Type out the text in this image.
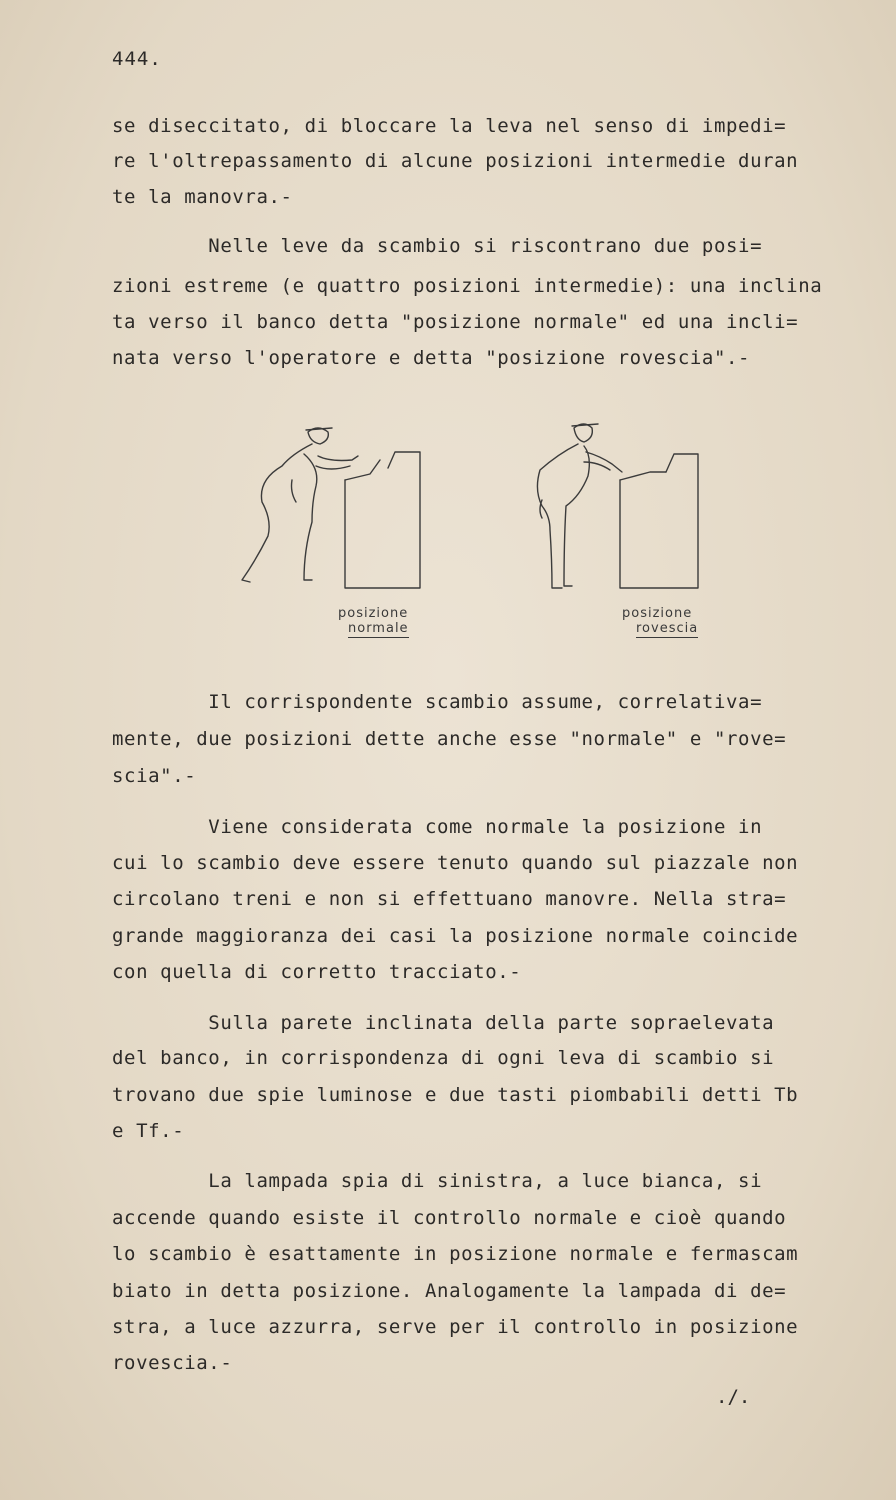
444.
se diseccitato, di bloccare la leva nel senso di impedi=
re l'oltrepassamento di alcune posizioni intermedie duran
te la manovra.-
Nelle leve da scambio si riscontrano due posi=
zioni estreme (e quattro posizioni intermedie): una inclina
ta verso il banco detta "posizione normale" ed una incli=
nata verso l'operatore e detta "posizione rovescia".-
posizione
normale
posizione
rovescia
Il corrispondente scambio assume, correlativa=
mente, due posizioni dette anche esse "normale" e "rove=
scia".-
Viene considerata come normale la posizione in
cui lo scambio deve essere tenuto quando sul piazzale non
circolano treni e non si effettuano manovre. Nella stra=
grande maggioranza dei casi la posizione normale coincide
con quella di corretto tracciato.-
Sulla parete inclinata della parte sopraelevata
del banco, in corrispondenza di ogni leva di scambio si
trovano due spie luminose e due tasti piombabili detti Tb
e Tf.-
La lampada spia di sinistra, a luce bianca, si
accende quando esiste il controllo normale e cioè quando
lo scambio è esattamente in posizione normale e fermascam
biato in detta posizione. Analogamente la lampada di de=
stra, a luce azzurra, serve per il controllo in posizione
rovescia.-
./.
